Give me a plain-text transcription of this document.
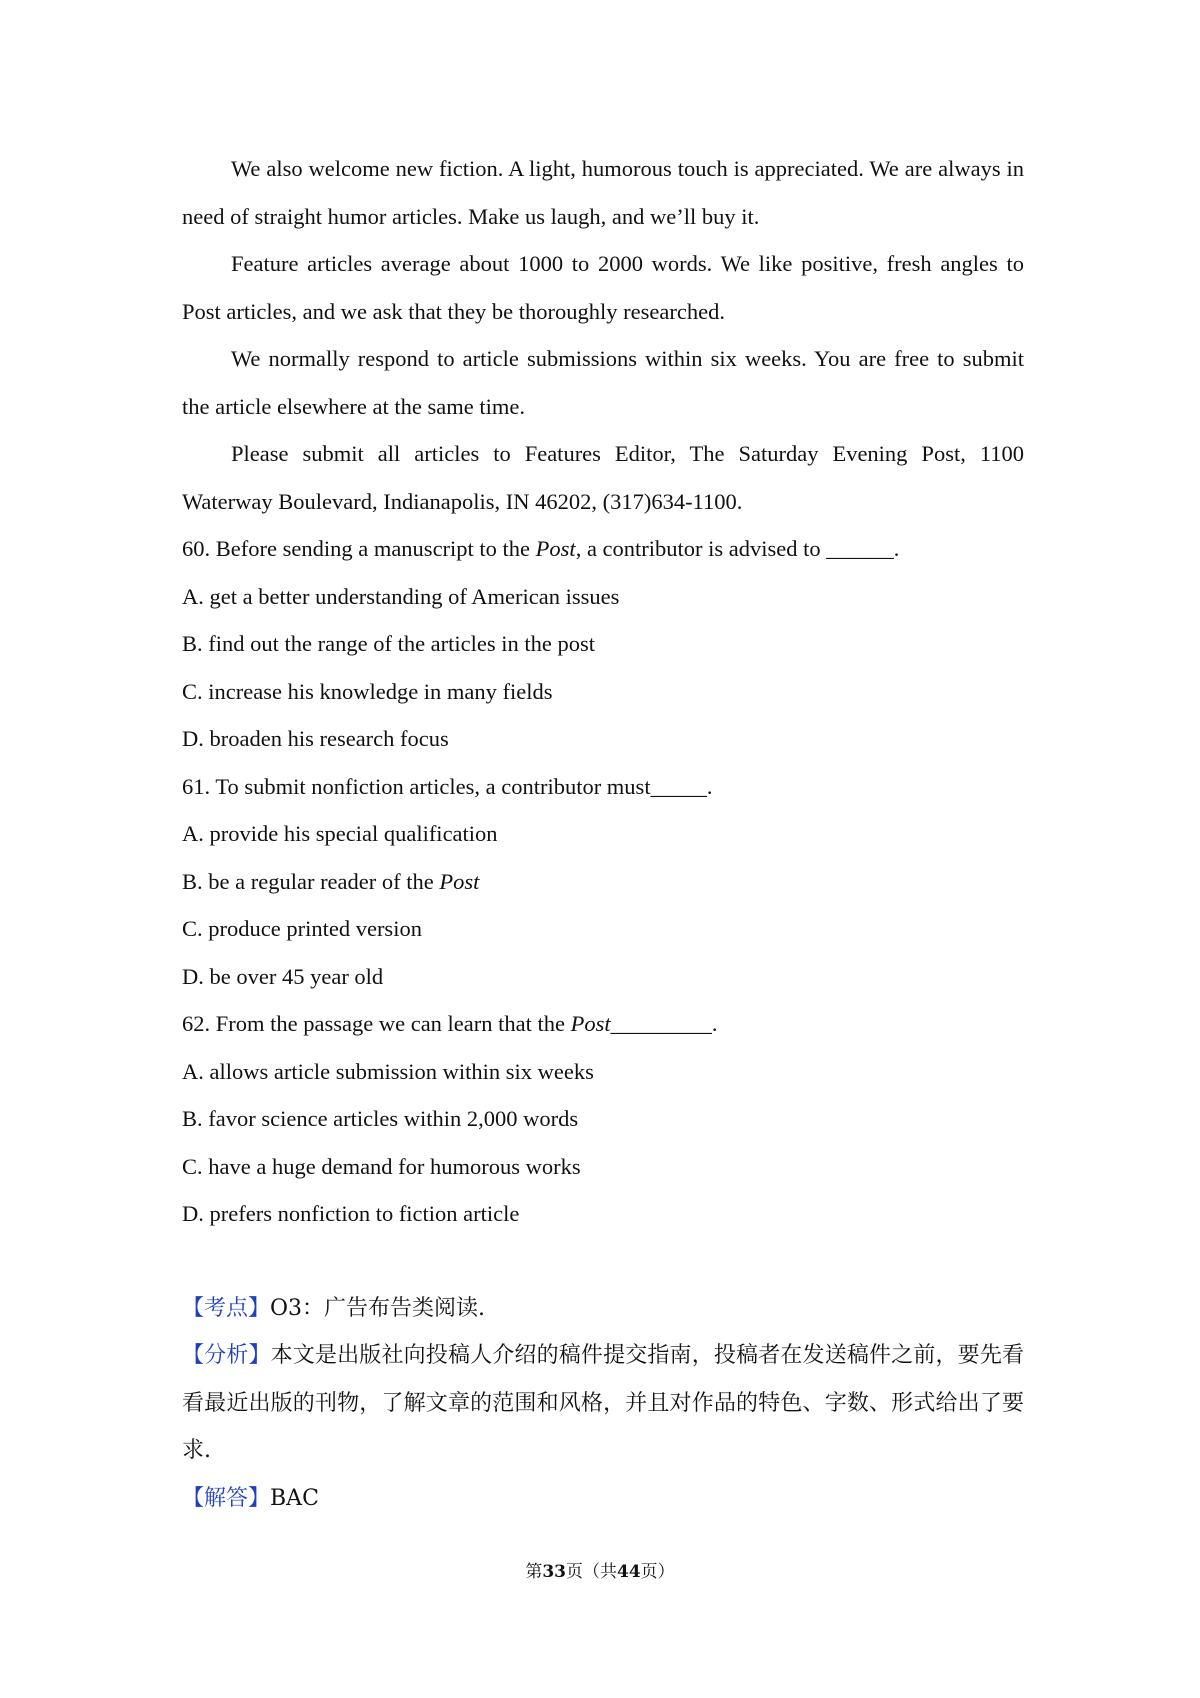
We also welcome new fiction. A light, humorous touch is appreciated. We are always in need of straight humor articles. Make us laugh, and we’ll buy it.

Feature articles average about 1000 to 2000 words. We like positive, fresh angles to Post articles, and we ask that they be thoroughly researched.

We normally respond to article submissions within six weeks. You are free to submit the article elsewhere at the same time.

Please submit all articles to Features Editor, The Saturday Evening Post, 1100 Waterway Boulevard, Indianapolis, IN 46202, (317)634-1100.

60. Before sending a manuscript to the Post, a contributor is advised to ______.

A. get a better understanding of American issues

B. find out the range of the articles in the post

C. increase his knowledge in many fields

D. broaden his research focus

61. To submit nonfiction articles, a contributor must_____.

A. provide his special qualification

B. be a regular reader of the Post

C. produce printed version

D. be over 45 year old

62. From the passage we can learn that the Post_________.

A. allows article submission within six weeks

B. favor science articles within 2,000 words

C. have a huge demand for humorous works

D. prefers nonfiction to fiction article

【考点】O3：广告布告类阅读.

【分析】本文是出版社向投稿人介绍的稿件提交指南，投稿者在发送稿件之前，要先看看最近出版的刊物，了解文章的范围和风格，并且对作品的特色、字数、形式给出了要求.

【解答】BAC

第33页（共44页）
